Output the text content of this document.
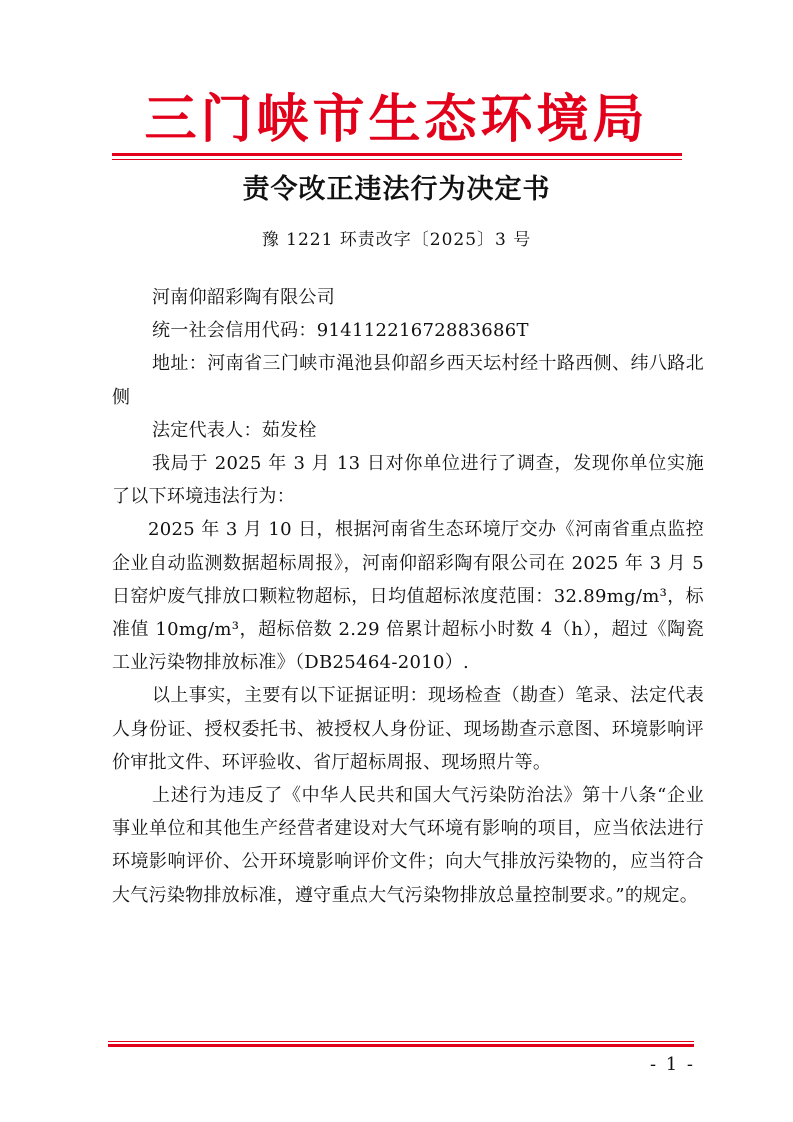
三门峡市生态环境局
责令改正违法行为决定书
豫 1221 环责改字〔2025〕3 号

河南仰韶彩陶有限公司

统一社会信用代码：91411221672883686T

地址：河南省三门峡市渑池县仰韶乡西天坛村经十路西侧、纬八路北侧

法定代表人：茹发栓

我局于 2025 年 3 月 13 日对你单位进行了调查，发现你单位实施了以下环境违法行为：

2025 年 3 月 10 日，根据河南省生态环境厅交办《河南省重点监控企业自动监测数据超标周报》，河南仰韶彩陶有限公司在 2025 年 3 月 5 日窑炉废气排放口颗粒物超标，日均值超标浓度范围：32.89mg/m³，标准值 10mg/m³，超标倍数 2.29 倍累计超标小时数 4（h），超过《陶瓷工业污染物排放标准》（DB25464-2010）.

以上事实，主要有以下证据证明：现场检查（勘查）笔录、法定代表人身份证、授权委托书、被授权人身份证、现场勘查示意图、环境影响评价审批文件、环评验收、省厅超标周报、现场照片等。

上述行为违反了《中华人民共和国大气污染防治法》第十八条“企业事业单位和其他生产经营者建设对大气环境有影响的项目，应当依法进行环境影响评价、公开环境影响评价文件；向大气排放污染物的，应当符合大气污染物排放标准，遵守重点大气污染物排放总量控制要求。”的规定。

- 1 -
